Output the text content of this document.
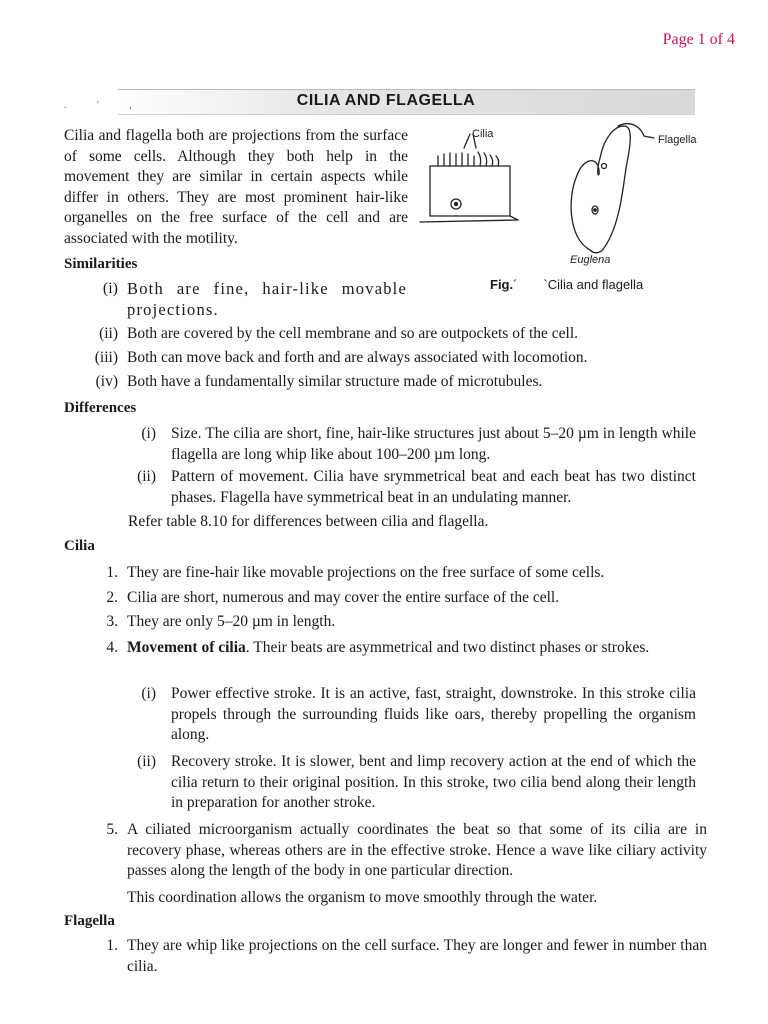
Page 1 of 4
. ' ,	CILIA AND FLAGELLA

Cilia and flagella both are projections from the surface of some cells. Although they both help in the movement they are similar in certain aspects while differ in others. They are most prominent hair-like organelles on the free surface of the cell and are associated with the motility.

Cilia	Flagella
Euglena
Fig.´ `Cilia and flagella
Similarities
(i) Both are fine, hair-like movable projections.
(ii) Both are covered by the cell membrane and so are outpockets of the cell.
(iii) Both can move back and forth and are always associated with locomotion.
(iv) Both have a fundamentally similar structure made of microtubules.
Differences
(i) Size. The cilia are short, fine, hair-like structures just about 5–20 µm in length while flagella are long whip like about 100–200 µm long.
(ii) Pattern of movement. Cilia have srymmetrical beat and each beat has two distinct phases. Flagella have symmetrical beat in an undulating manner.
Refer table 8.10 for differences between cilia and flagella.
Cilia
1. They are fine-hair like movable projections on the free surface of some cells.
2. Cilia are short, numerous and may cover the entire surface of the cell.
3. They are only 5–20 µm in length.
4. Movement of cilia. Their beats are asymmetrical and two distinct phases or strokes.
(i) Power effective stroke. It is an active, fast, straight, downstroke. In this stroke cilia propels through the surrounding fluids like oars, thereby propelling the organism along.
(ii) Recovery stroke. It is slower, bent and limp recovery action at the end of which the cilia return to their original position. In this stroke, two cilia bend along their length in preparation for another stroke.
5. A ciliated microorganism actually coordinates the beat so that some of its cilia are in recovery phase, whereas others are in the effective stroke. Hence a wave like ciliary activity passes along the length of the body in one particular direction.
This coordination allows the organism to move smoothly through the water.
Flagella
1. They are whip like projections on the cell surface. They are longer and fewer in number than cilia.
